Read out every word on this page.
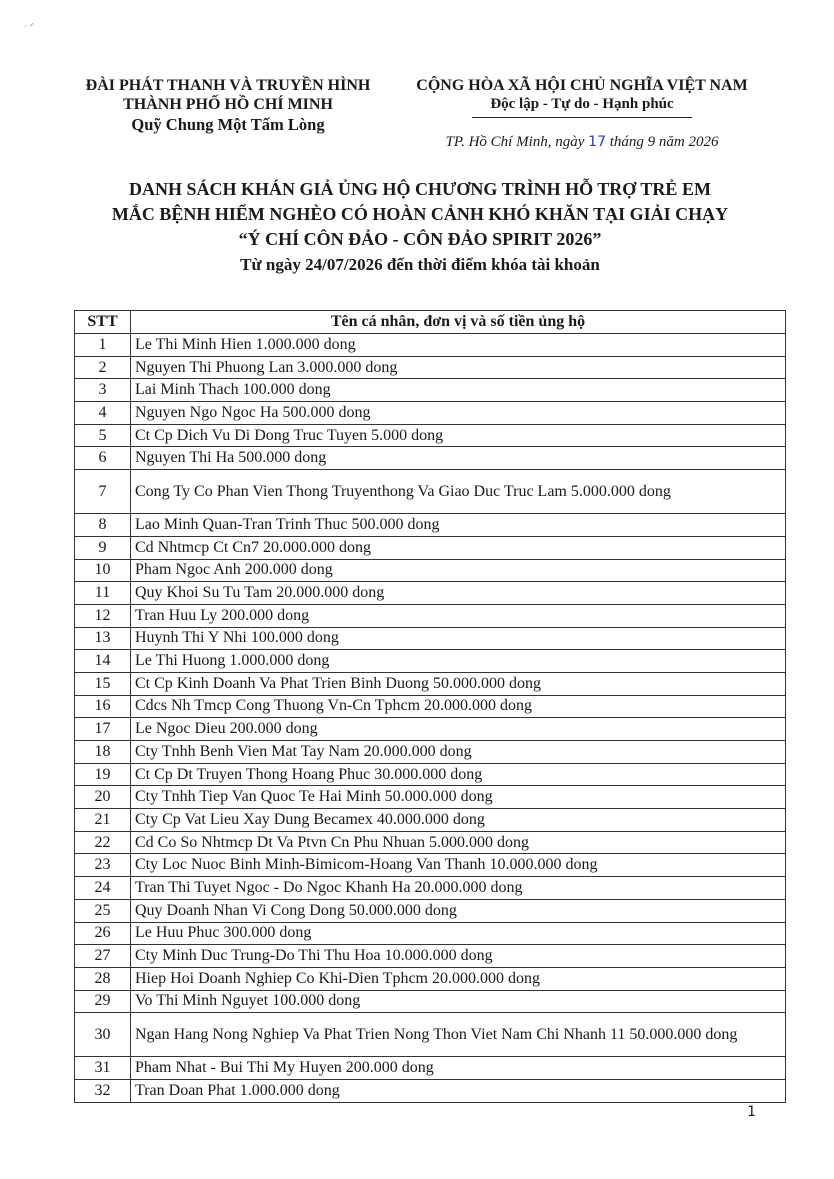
ᐧ ᐟ
ĐÀI PHÁT THANH VÀ TRUYỀN HÌNH
THÀNH PHỐ HỒ CHÍ MINH
Quỹ Chung Một Tấm Lòng
CỘNG HÒA XÃ HỘI CHỦ NGHĨA VIỆT NAM
Độc lập - Tự do - Hạnh phúc
TP. Hồ Chí Minh, ngày 17 tháng 9 năm 2026
DANH SÁCH KHÁN GIẢ ỦNG HỘ CHƯƠNG TRÌNH HỖ TRỢ TRẺ EM
MẮC BỆNH HIỂM NGHÈO CÓ HOÀN CẢNH KHÓ KHĂN TẠI GIẢI CHẠY
“Ý CHÍ CÔN ĐẢO - CÔN ĐẢO SPIRIT 2026”
Từ ngày 24/07/2026 đến thời điểm khóa tài khoản
STT	Tên cá nhân, đơn vị và số tiền ủng hộ
1	Le Thi Minh Hien 1.000.000 dong
2	Nguyen Thi Phuong Lan 3.000.000 dong
3	Lai Minh Thach 100.000 dong
4	Nguyen Ngo Ngoc Ha 500.000 dong
5	Ct Cp Dich Vu Di Dong Truc Tuyen 5.000 dong
6	Nguyen Thi Ha 500.000 dong
7	Cong Ty Co Phan Vien Thong Truyenthong Va Giao Duc Truc Lam 5.000.000 dong
8	Lao Minh Quan-Tran Trinh Thuc 500.000 dong
9	Cd Nhtmcp Ct Cn7 20.000.000 dong
10	Pham Ngoc Anh 200.000 dong
11	Quy Khoi Su Tu Tam 20.000.000 dong
12	Tran Huu Ly 200.000 dong
13	Huynh Thi Y Nhi 100.000 dong
14	Le Thi Huong 1.000.000 dong
15	Ct Cp Kinh Doanh Va Phat Trien Binh Duong 50.000.000 dong
16	Cdcs Nh Tmcp Cong Thuong Vn-Cn Tphcm 20.000.000 dong
17	Le Ngoc Dieu 200.000 dong
18	Cty Tnhh Benh Vien Mat Tay Nam 20.000.000 dong
19	Ct Cp Dt Truyen Thong Hoang Phuc 30.000.000 dong
20	Cty Tnhh Tiep Van Quoc Te Hai Minh 50.000.000 dong
21	Cty Cp Vat Lieu Xay Dung Becamex 40.000.000 dong
22	Cd Co So Nhtmcp Dt Va Ptvn Cn Phu Nhuan 5.000.000 dong
23	Cty Loc Nuoc Binh Minh-Bimicom-Hoang Van Thanh 10.000.000 dong
24	Tran Thi Tuyet Ngoc - Do Ngoc Khanh Ha 20.000.000 dong
25	Quy Doanh Nhan Vi Cong Dong 50.000.000 dong
26	Le Huu Phuc 300.000 dong
27	Cty Minh Duc Trung-Do Thi Thu Hoa 10.000.000 dong
28	Hiep Hoi Doanh Nghiep Co Khi-Dien Tphcm 20.000.000 dong
29	Vo Thi Minh Nguyet 100.000 dong
30	Ngan Hang Nong Nghiep Va Phat Trien Nong Thon Viet Nam Chi Nhanh 11 50.000.000 dong
31	Pham Nhat - Bui Thi My Huyen 200.000 dong
32	Tran Doan Phat 1.000.000 dong
1
